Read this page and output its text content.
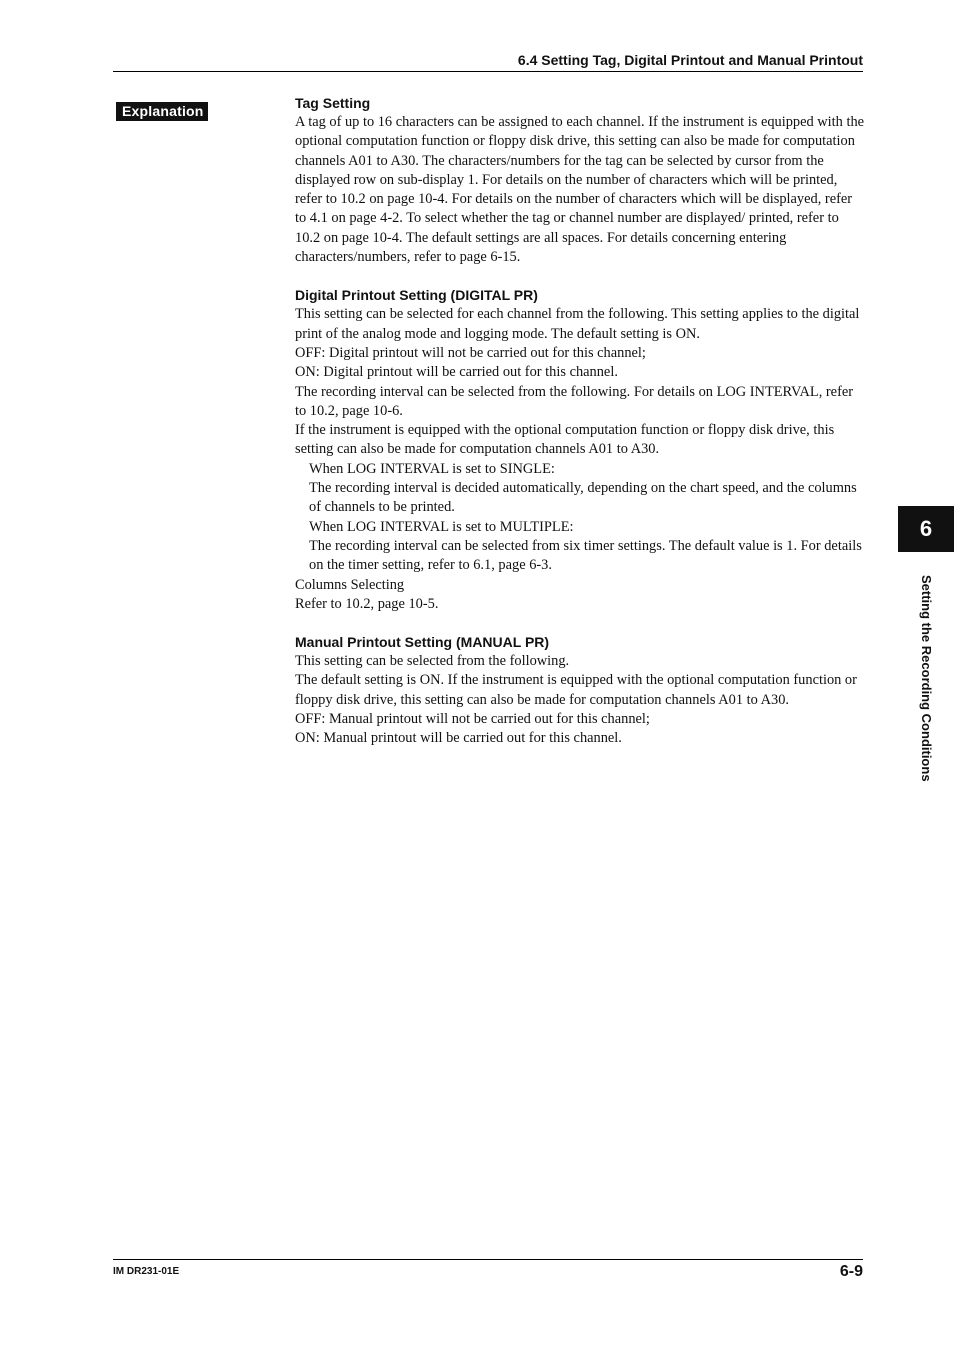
6.4 Setting Tag, Digital Printout and Manual Printout
Explanation	Tag Setting

A tag of up to 16 characters can be assigned to each channel. If the instrument is equipped with the optional computation function or floppy disk drive, this setting can also be made for computation channels A01 to A30. The characters/numbers for the tag can be selected by cursor from the displayed row on sub-display 1. For details on the number of characters which will be printed, refer to 10.2 on page 10-4. For details on the number of characters which will be displayed, refer to 4.1 on page 4-2. To select whether the tag or channel number are displayed/ printed, refer to 10.2 on page 10-4. The default settings are all spaces. For details concerning entering characters/numbers, refer to page 6-15.

Digital Printout Setting (DIGITAL PR)

This setting can be selected for each channel from the following. This setting applies to the digital print of the analog mode and logging mode. The default setting is ON.

OFF: Digital printout will not be carried out for this channel;

ON: Digital printout will be carried out for this channel.

The recording interval can be selected from the following. For details on LOG INTERVAL, refer to 10.2, page 10-6.

If the instrument is equipped with the optional computation function or floppy disk drive, this setting can also be made for computation channels A01 to A30.

When LOG INTERVAL is set to SINGLE:

The recording interval is decided automatically, depending on the chart speed, and the columns of channels to be printed.

When LOG INTERVAL is set to MULTIPLE:

The recording interval can be selected from six timer settings. The default value is 1. For details on the timer setting, refer to 6.1, page 6-3.

Columns Selecting

Refer to 10.2, page 10-5.

Manual Printout Setting (MANUAL PR)

This setting can be selected from the following.

The default setting is ON. If the instrument is equipped with the optional computation function or floppy disk drive, this setting can also be made for computation channels A01 to A30.

OFF: Manual printout will not be carried out for this channel;

ON: Manual printout will be carried out for this channel.

6
Setting the Recording Conditions
IM DR231-01E	6-9
